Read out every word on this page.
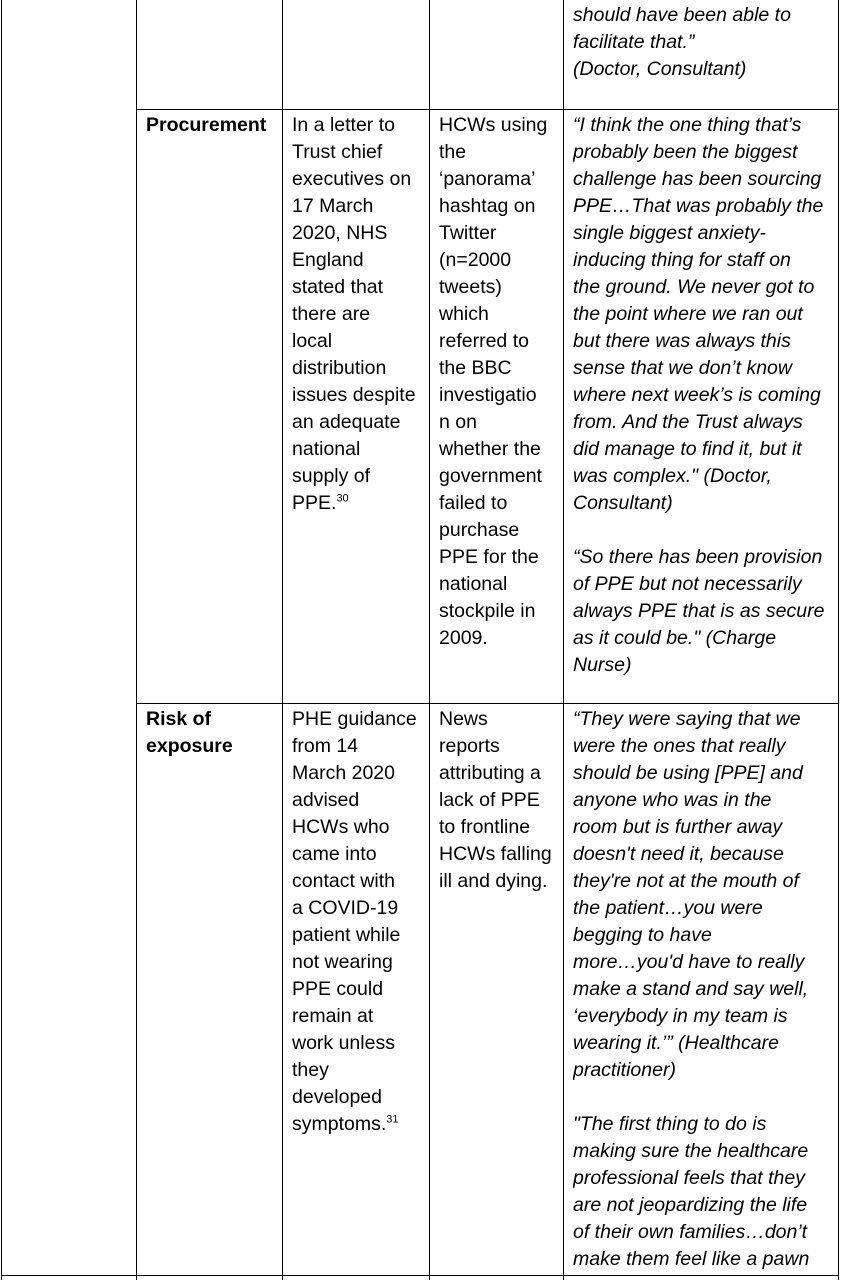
should have been able to
facilitate that.”
(Doctor, Consultant)
Procurement	In a letter to
Trust chief
executives on
17 March
2020, NHS
England
stated that
there are
local
distribution
issues despite
an adequate
national
supply of
PPE.$^{30}$
HCWs using
the
‘panorama’
hashtag on
Twitter
(n=2000
tweets)
which
referred to
the BBC
investigatio
n on
whether the
government
failed to
purchase
PPE for the
national
stockpile in
2009.
“I think the one thing that’s
probably been the biggest
challenge has been sourcing
PPE…That was probably the
single biggest anxiety-
inducing thing for staff on
the ground. We never got to
the point where we ran out
but there was always this
sense that we don’t know
where next week’s is coming
from. And the Trust always
did manage to find it, but it
was complex." (Doctor,
Consultant)
“So there has been provision
of PPE but not necessarily
always PPE that is as secure
as it could be." (Charge
Nurse)
Risk of
exposure
PHE guidance
from 14
March 2020
advised
HCWs who
came into
contact with
a COVID-19
patient while
not wearing
PPE could
remain at
work unless
they
developed
symptoms.$^{31}$
News
reports
attributing a
lack of PPE
to frontline
HCWs falling
ill and dying.
“They were saying that we
were the ones that really
should be using [PPE] and
anyone who was in the
room but is further away
doesn't need it, because
they're not at the mouth of
the patient…you were
begging to have
more…you'd have to really
make a stand and say well,
‘everybody in my team is
wearing it.’” (Healthcare
practitioner)
"The first thing to do is
making sure the healthcare
professional feels that they
are not jeopardizing the life
of their own families…don’t
make them feel like a pawn
